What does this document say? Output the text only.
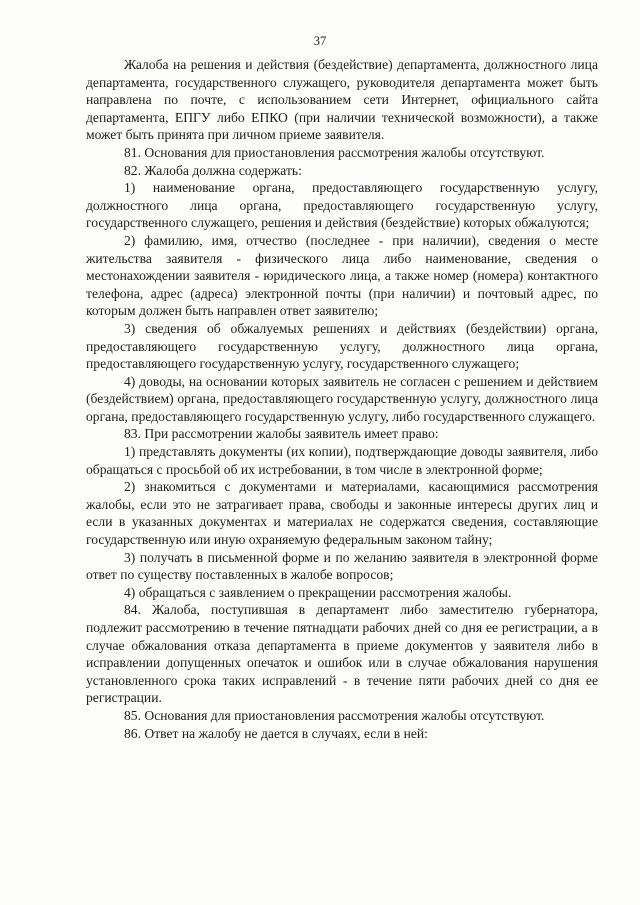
37

Жалоба на решения и действия (бездействие) департамента, должностного лица департамента, государственного служащего, руководителя департамента может быть направлена по почте, с использованием сети Интернет, официального сайта департамента, ЕПГУ либо ЕПКО (при наличии технической возможности), а также может быть принята при личном приеме заявителя.

81. Основания для приостановления рассмотрения жалобы отсутствуют.

82. Жалоба должна содержать:

1) наименование органа, предоставляющего государственную услугу, должностного лица органа, предоставляющего государственную услугу, государственного служащего, решения и действия (бездействие) которых обжалуются;

2) фамилию, имя, отчество (последнее - при наличии), сведения о месте жительства заявителя - физического лица либо наименование, сведения о местонахождении заявителя - юридического лица, а также номер (номера) контактного телефона, адрес (адреса) электронной почты (при наличии) и почтовый адрес, по которым должен быть направлен ответ заявителю;

3) сведения об обжалуемых решениях и действиях (бездействии) органа, предоставляющего государственную услугу, должностного лица органа, предоставляющего государственную услугу, государственного служащего;

4) доводы, на основании которых заявитель не согласен с решением и действием (бездействием) органа, предоставляющего государственную услугу, должностного лица органа, предоставляющего государственную услугу, либо государственного служащего.

83. При рассмотрении жалобы заявитель имеет право:

1) представлять документы (их копии), подтверждающие доводы заявителя, либо обращаться с просьбой об их истребовании, в том числе в электронной форме;

2) знакомиться с документами и материалами, касающимися рассмотрения жалобы, если это не затрагивает права, свободы и законные интересы других лиц и если в указанных документах и материалах не содержатся сведения, составляющие государственную или иную охраняемую федеральным законом тайну;

3) получать в письменной форме и по желанию заявителя в электронной форме ответ по существу поставленных в жалобе вопросов;

4) обращаться с заявлением о прекращении рассмотрения жалобы.

84. Жалоба, поступившая в департамент либо заместителю губернатора, подлежит рассмотрению в течение пятнадцати рабочих дней со дня ее регистрации, а в случае обжалования отказа департамента в приеме документов у заявителя либо в исправлении допущенных опечаток и ошибок или в случае обжалования нарушения установленного срока таких исправлений - в течение пяти рабочих дней со дня ее регистрации.

85. Основания для приостановления рассмотрения жалобы отсутствуют.

86. Ответ на жалобу не дается в случаях, если в ней:
